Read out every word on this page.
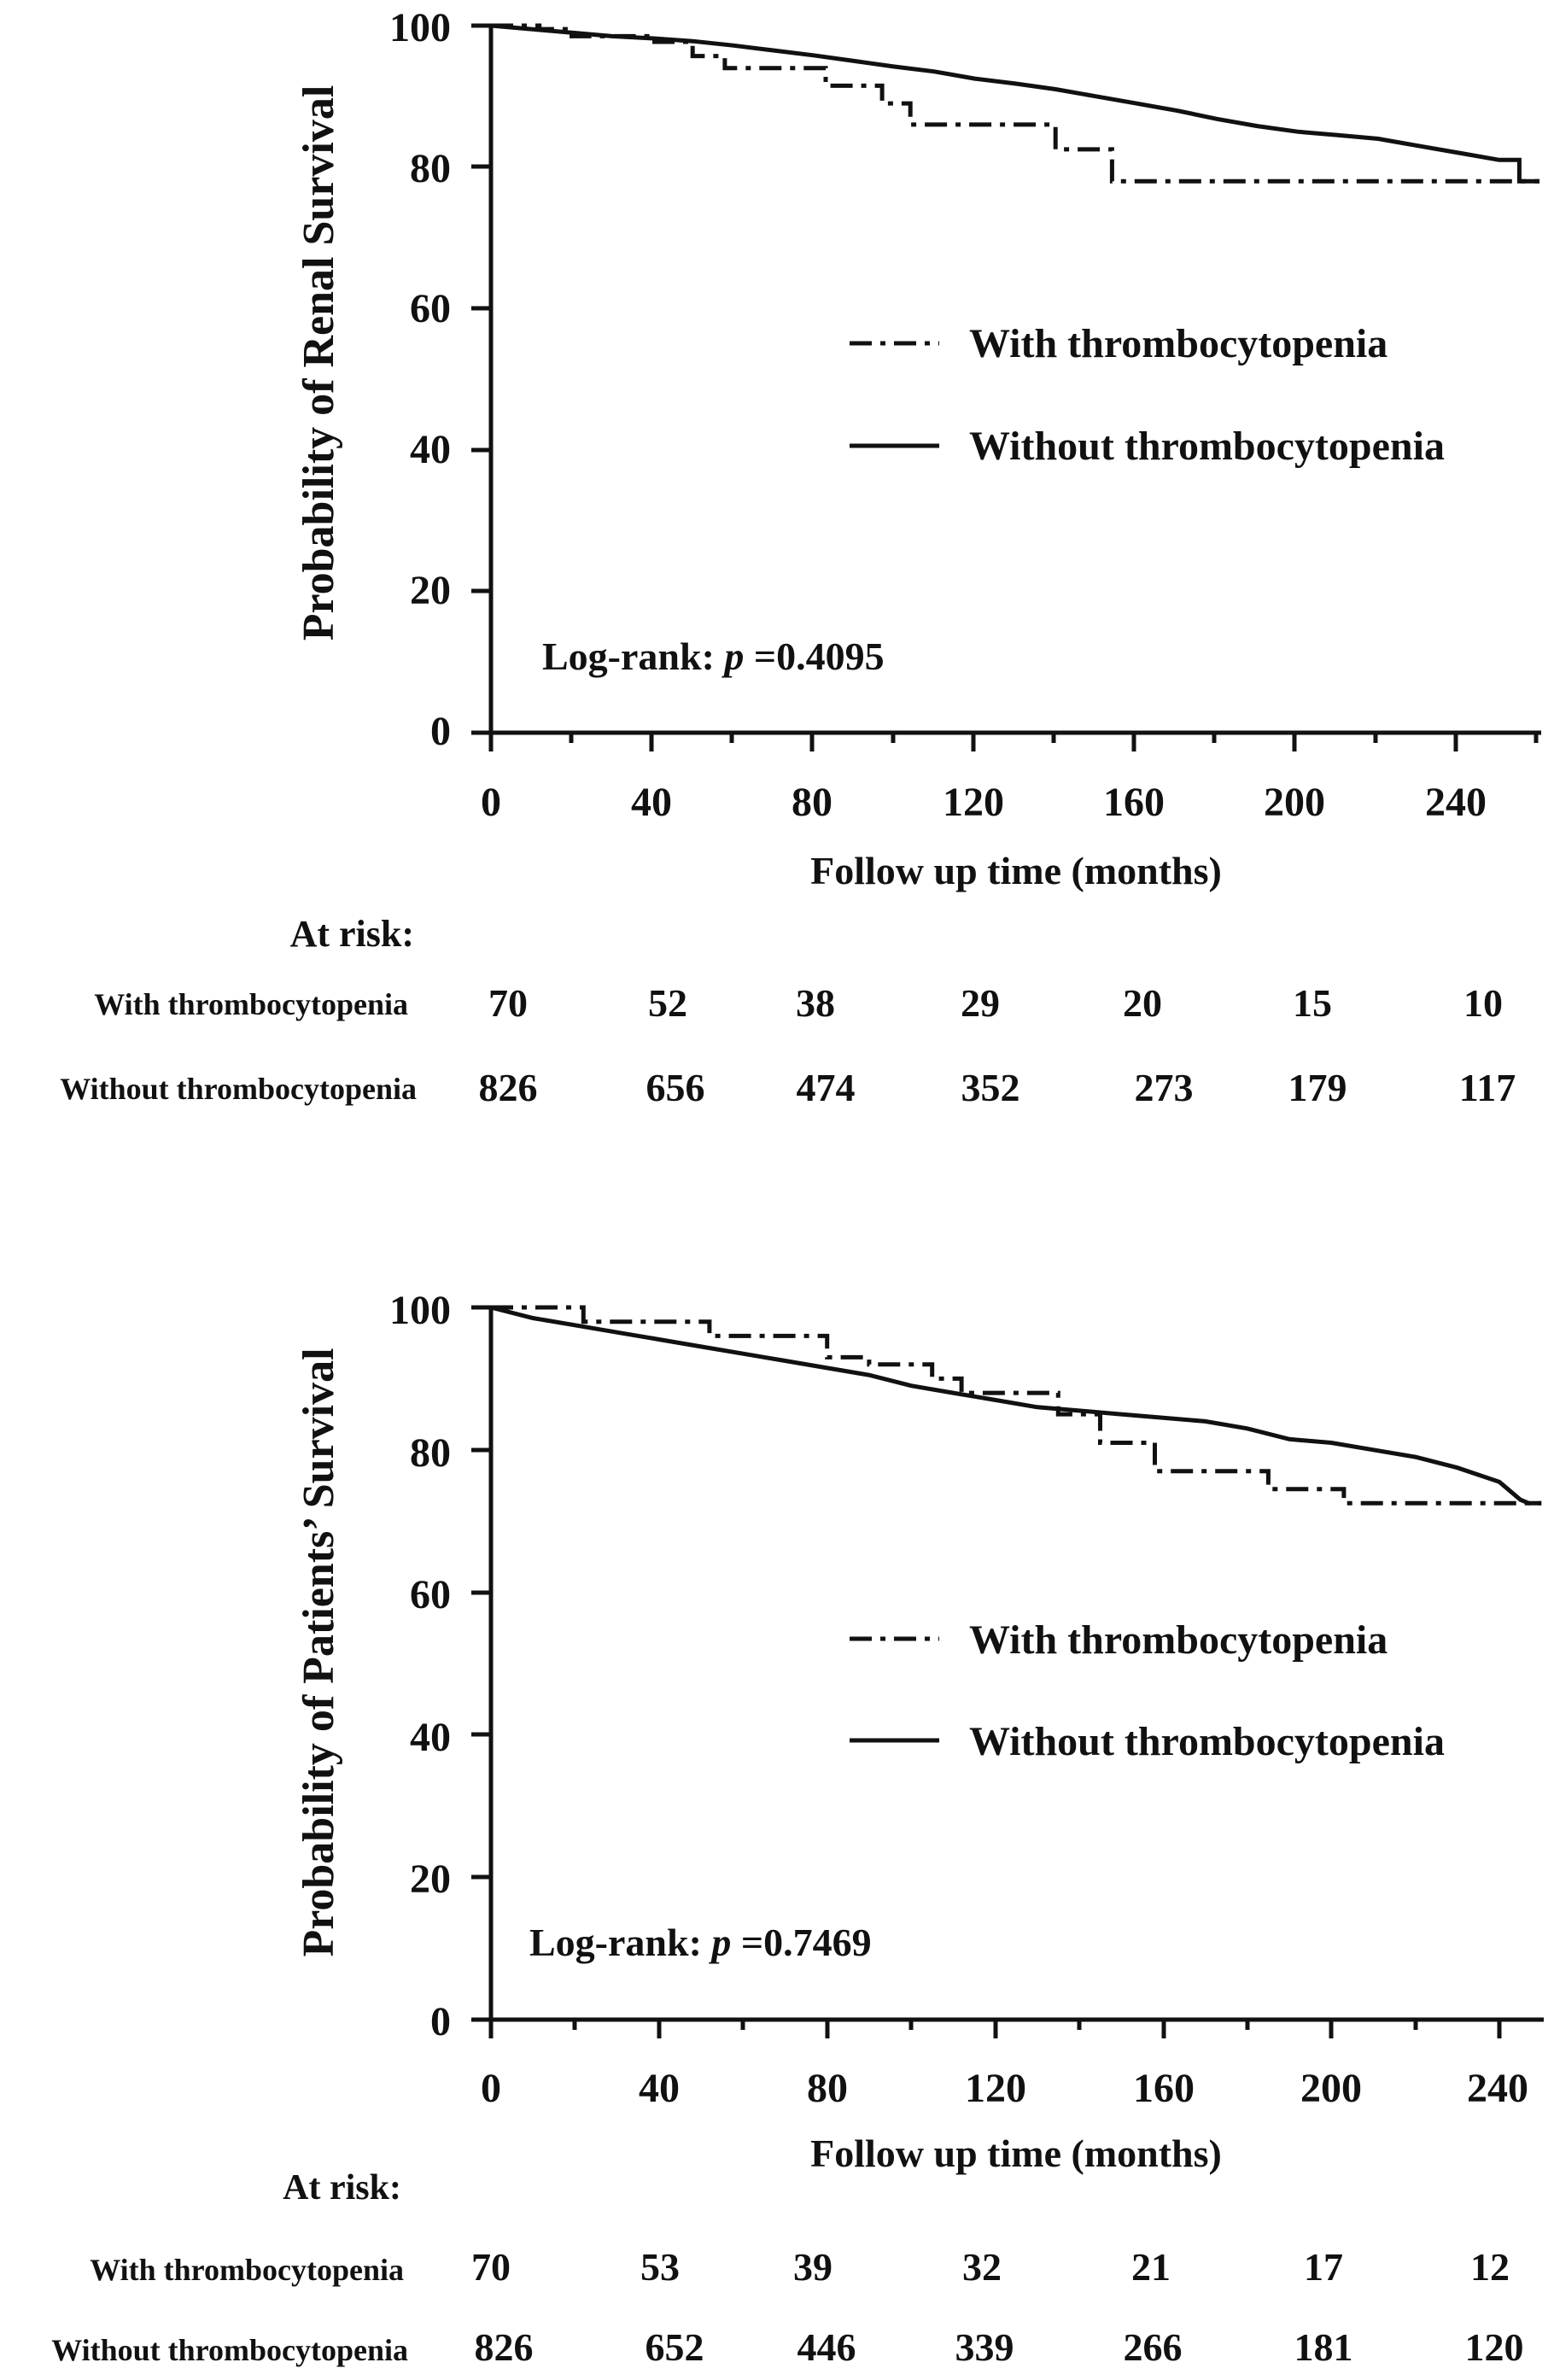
Probability of Renal Survival
100
80
60
40
20
0
0	40	80	120 160 200 240
Follow up time (months)
With thrombocytopenia
Without thrombocytopenia
Log-rank: p =0.4095
At risk:
With thrombocytopenia
Without thrombocytopenia
70	52	38	29	20	15	10
826	656 474	352	273 179	117
Probability of Patients’ Survival
100
80
60
40
20
0
0	40	80	120	160	200	240
Follow up time (months)
With thrombocytopenia
Without thrombocytopenia
Log-rank: p =0.7469
At risk:
With thrombocytopenia
Without thrombocytopenia
70	53	39	32	21	17	12
826	652 446	339	266	181	120
